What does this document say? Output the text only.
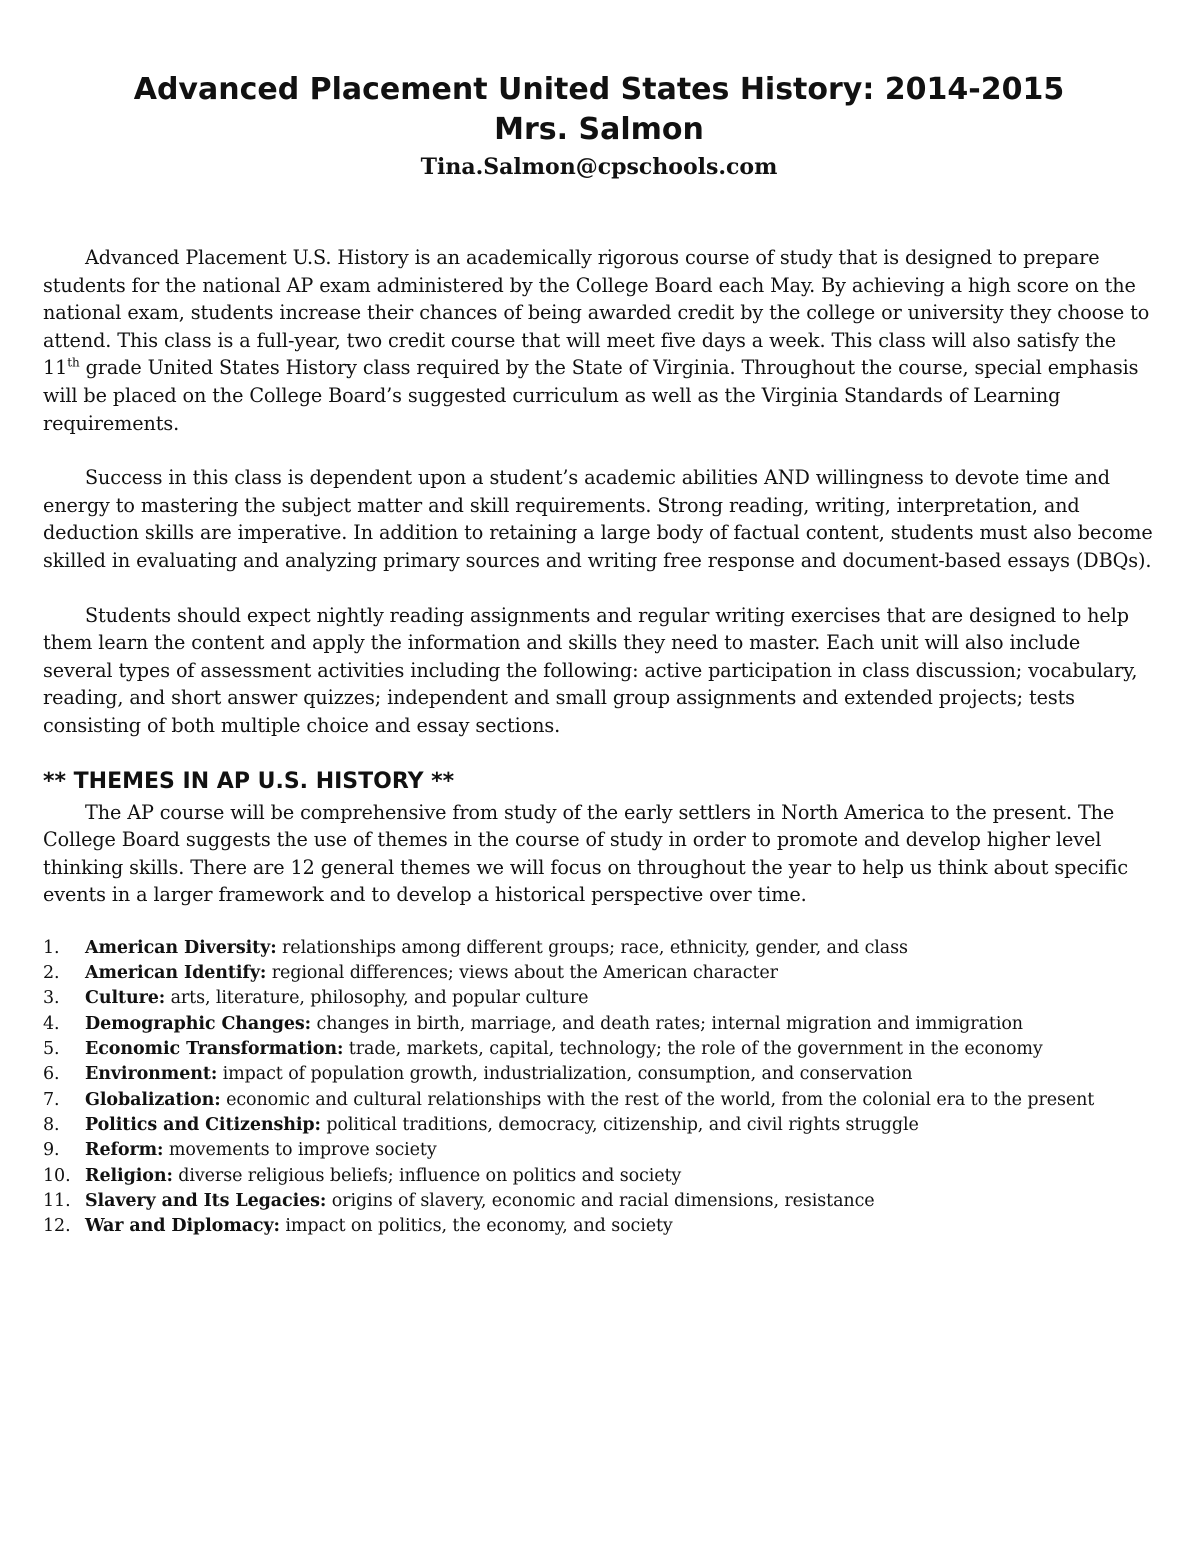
Advanced Placement United States History: 2014-2015
Mrs. Salmon
Tina.Salmon@cpschools.com

Advanced Placement U.S. History is an academically rigorous course of study that is designed to prepare students for the national AP exam administered by the College Board each May. By achieving a high score on the national exam, students increase their chances of being awarded credit by the college or university they choose to attend. This class is a full-year, two credit course that will meet five days a week. This class will also satisfy the 11th grade United States History class required by the State of Virginia. Throughout the course, special emphasis will be placed on the College Board’s suggested curriculum as well as the Virginia Standards of Learning requirements.

Success in this class is dependent upon a student’s academic abilities AND willingness to devote time and energy to mastering the subject matter and skill requirements. Strong reading, writing, interpretation, and deduction skills are imperative. In addition to retaining a large body of factual content, students must also become skilled in evaluating and analyzing primary sources and writing free response and document-based essays (DBQs).

Students should expect nightly reading assignments and regular writing exercises that are designed to help them learn the content and apply the information and skills they need to master. Each unit will also include several types of assessment activities including the following: active participation in class discussion; vocabulary, reading, and short answer quizzes; independent and small group assignments and extended projects; tests consisting of both multiple choice and essay sections.

** THEMES IN AP U.S. HISTORY **

The AP course will be comprehensive from study of the early settlers in North America to the present. The College Board suggests the use of themes in the course of study in order to promote and develop higher level thinking skills. There are 12 general themes we will focus on throughout the year to help us think about specific events in a larger framework and to develop a historical perspective over time.

1.	American Diversity: relationships among different groups; race, ethnicity, gender, and class
2.	American Identify: regional differences; views about the American character
3.	Culture: arts, literature, philosophy, and popular culture
4.	Demographic Changes: changes in birth, marriage, and death rates; internal migration and immigration
5.	Economic Transformation: trade, markets, capital, technology; the role of the government in the economy
6.	Environment: impact of population growth, industrialization, consumption, and conservation
7.	Globalization: economic and cultural relationships with the rest of the world, from the colonial era to the present
8.	Politics and Citizenship: political traditions, democracy, citizenship, and civil rights struggle
9.	Reform: movements to improve society
10. Religion: diverse religious beliefs; influence on politics and society
11. Slavery and Its Legacies: origins of slavery, economic and racial dimensions, resistance
12. War and Diplomacy: impact on politics, the economy, and society
